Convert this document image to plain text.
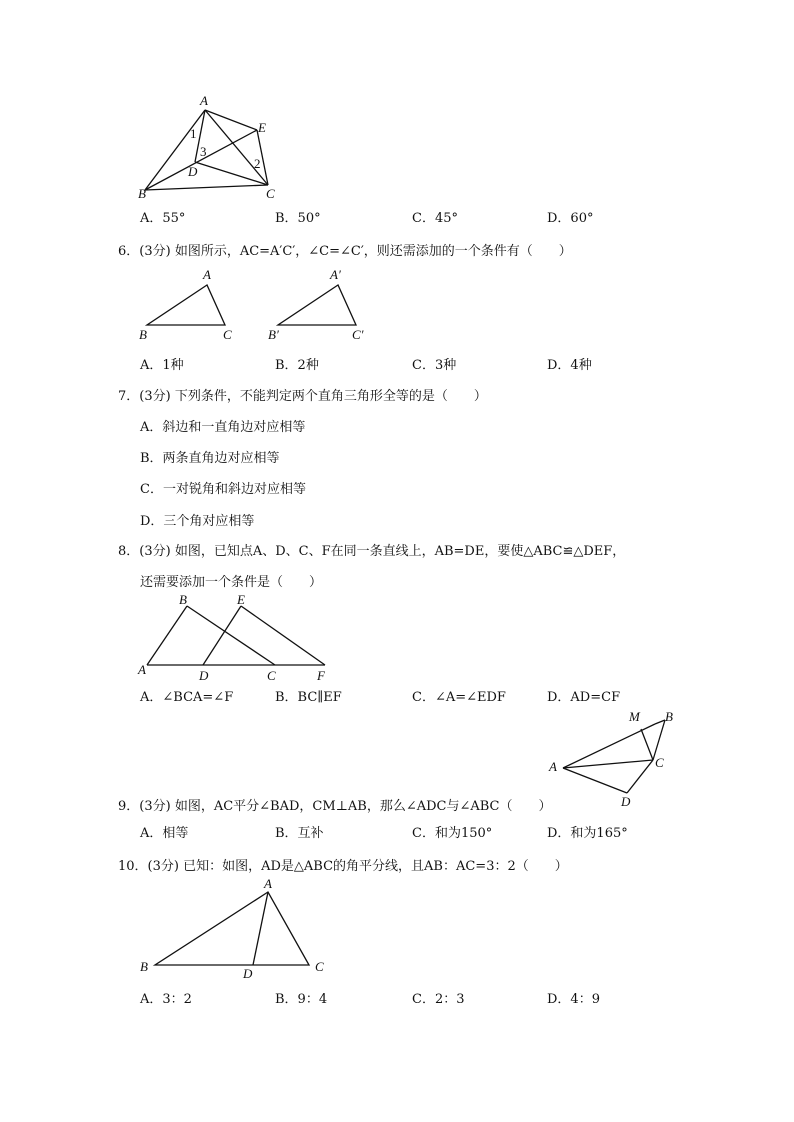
A
E
1
3
2
D
B	C
A．55°	B．50°	C．45°	D．60°
6．(3分) 如图所示，AC=A′C′，∠C=∠C′，则还需添加的一个条件有（　　）
A
B	C
A′
B′	C′
A．1种	B．2种	C．3种	D．4种
7．(3分) 下列条件，不能判定两个直角三角形全等的是（　　）
A．斜边和一直角边对应相等
B．两条直角边对应相等
C．一对锐角和斜边对应相等
D．三个角对应相等
8．(3分) 如图，已知点A、D、C、F在同一条直线上，AB=DE，要使△ABC≌△DEF，
还需要添加一个条件是（　　）
B	E
A	D	C	F
A．∠BCA=∠F	B．BC∥EF	C．∠A=∠EDF	D．AD=CF
M B
A	C
D
9．(3分) 如图，AC平分∠BAD，CM⊥AB，那么∠ADC与∠ABC（　　）
A．相等	B．互补	C．和为150°	D．和为165°
10．(3分) 已知：如图，AD是△ABC的角平分线，且AB：AC=3：2（　　）
A
B	D	C
A．3：2	B．9：4	C．2：3	D．4：9
